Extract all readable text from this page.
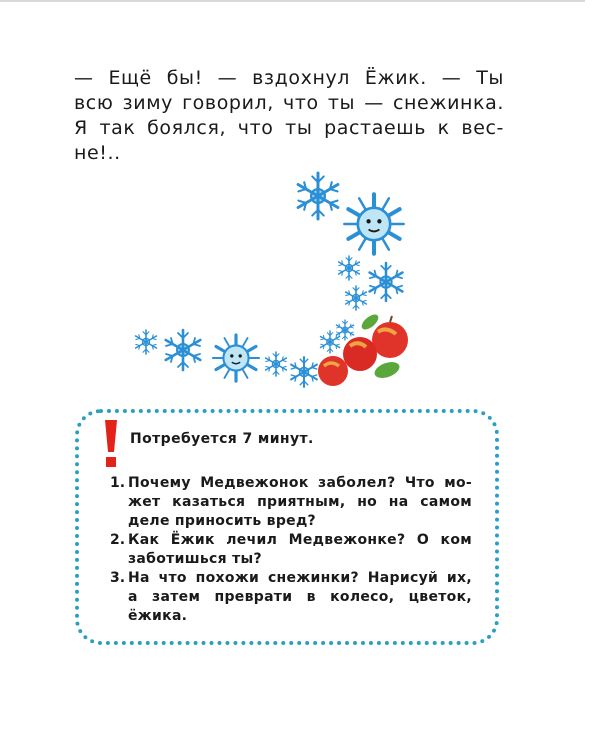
— Ещё бы! — вздохнул Ёжик. — Ты
всю зиму говорил, что ты — снежинка.
Я так боялся, что ты растаешь к вес-
не!..
Потребуется 7 минут.
1. Почему Медвежонок заболел? Что мо-
жет казаться приятным, но на самом
деле приносить вред?
2. Как Ёжик лечил Медвежонке? О ком
заботишься ты?
3. На что похожи снежинки? Нарисуй их,
а затем преврати в колесо, цветок,
ёжика.
